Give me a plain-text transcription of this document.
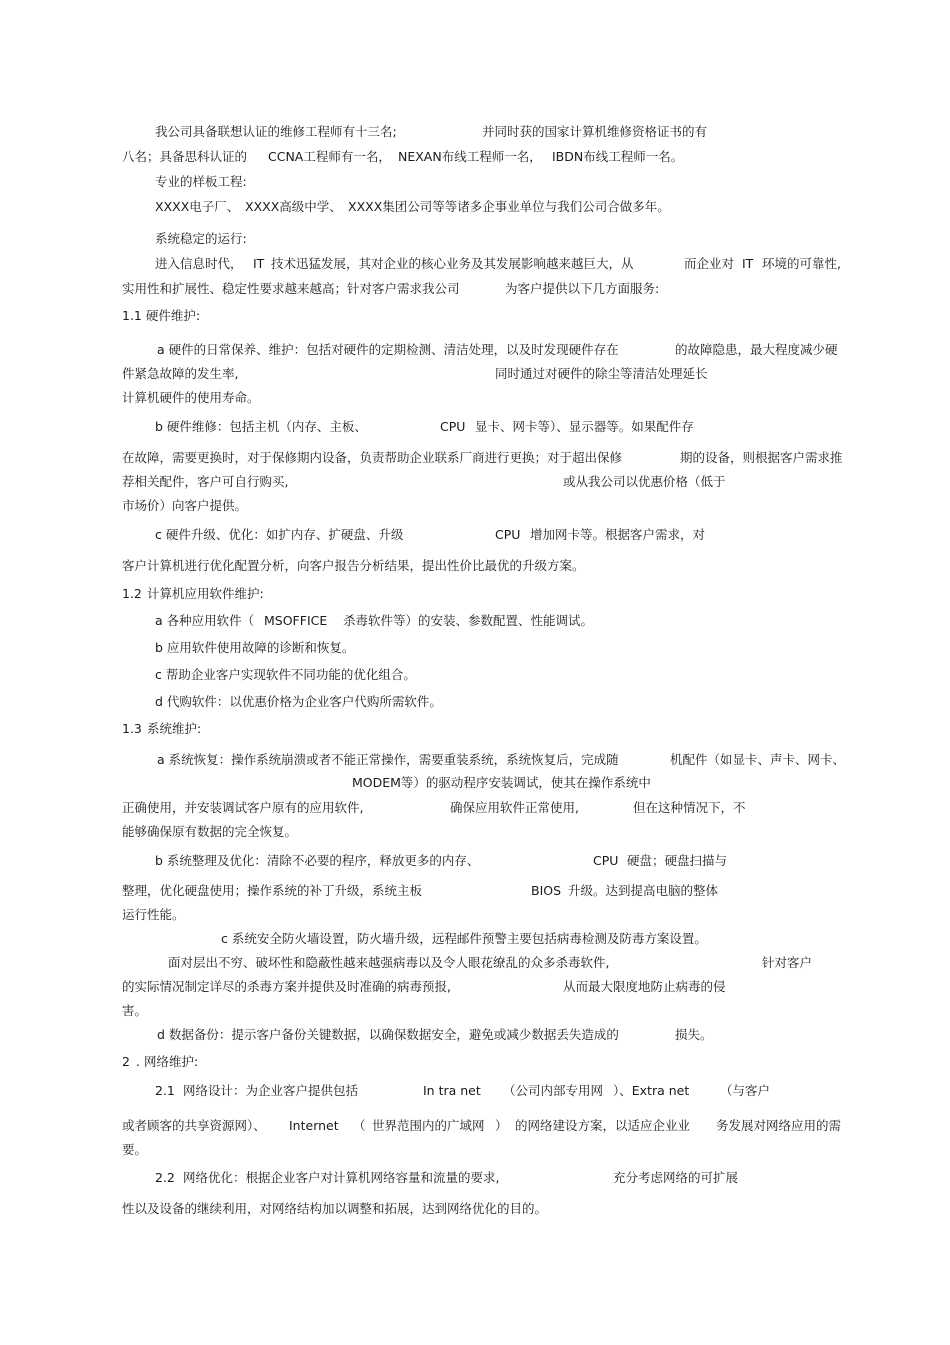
我公司具备联想认证的维修工程师有十三名;	并同时获的国家计算机维修资格证书的有
八名；具备思科认证的 CCNA工程师有一名， NEXAN布线工程师一名， IBDN布线工程师一名。
专业的样板工程:
XXXX电子厂、 XXXX高级中学、 XXXX集团公司等等诸多企事业单位与我们公司合做多年。
系统稳定的运行:
进入信息时代， IT 技术迅猛发展，其对企业的核心业务及其发展影响越来越巨大，从	而企业对 IT 环境的可靠性,
实用性和扩展性、稳定性要求越来越高；针对客户需求我公司	为客户提供以下几方面服务:
1.1 硬件维护:
a 硬件的日常保养、维护：包括对硬件的定期检测、清洁处理，以及时发现硬件存在	的故障隐患，最大程度减少硬
件紧急故障的发生率,	同时通过对硬件的除尘等清洁处理延长
计算机硬件的使用寿命。
b 硬件维修：包括主机（内存、主板、	CPU 显卡、网卡等）、显示器等。如果配件存
在故障，需要更换时，对于保修期内设备，负责帮助企业联系厂商进行更换；对于超出保修	期的设备，则根据客户需求推
荐相关配件，客户可自行购买,	或从我公司以优惠价格（低于
市场价）向客户提供。
c 硬件升级、优化：如扩内存、扩硬盘、升级	CPU 增加网卡等。根据客户需求，对
客户计算机进行优化配置分析，向客户报告分析结果，提出性价比最优的升级方案。
1.2 计算机应用软件维护:
a 各种应用软件（ MSOFFICE 杀毒软件等）的安装、参数配置、性能调试。
b 应用软件使用故障的诊断和恢复。
c 帮助企业客户实现软件不同功能的优化组合。
d 代购软件：以优惠价格为企业客户代购所需软件。
1.3 系统维护:
a 系统恢复：操作系统崩溃或者不能正常操作，需要重装系统，系统恢复后，完成随	机配件（如显卡、声卡、网卡、
MODEM等）的驱动程序安装调试，使其在操作系统中
正确使用，并安装调试客户原有的应用软件,	确保应用软件正常使用,	但在这种情况下，不
能够确保原有数据的完全恢复。
b 系统整理及优化：清除不必要的程序，释放更多的内存、	CPU 硬盘；硬盘扫描与
整理，优化硬盘使用；操作系统的补丁升级，系统主板	BIOS 升级。达到提高电脑的整体
运行性能。
c 系统安全防火墙设置，防火墙升级，远程邮件预警主要包括病毒检测及防毒方案设置。
面对层出不穷、破坏性和隐蔽性越来越强病毒以及令人眼花缭乱的众多杀毒软件,	针对客户
的实际情况制定详尽的杀毒方案并提供及时准确的病毒预报,	从而最大限度地防止病毒的侵
害。
d 数据备份：提示客户备份关键数据，以确保数据安全，避免或减少数据丢失造成的	损失。
2 . 网络维护:
2.1 网络设计：为企业客户提供包括	In tra net （公司内部专用网 ）、Extra net （与客户
或者顾客的共享资源网）、 Internet （ 世界范围内的广域网 ） 的网络建设方案，以适应企业业 务发展对网络应用的需
要。
2.2 网络优化：根据企业客户对计算机网络容量和流量的要求,	充分考虑网络的可扩展
性以及设备的继续利用，对网络结构加以调整和拓展，达到网络优化的目的。
